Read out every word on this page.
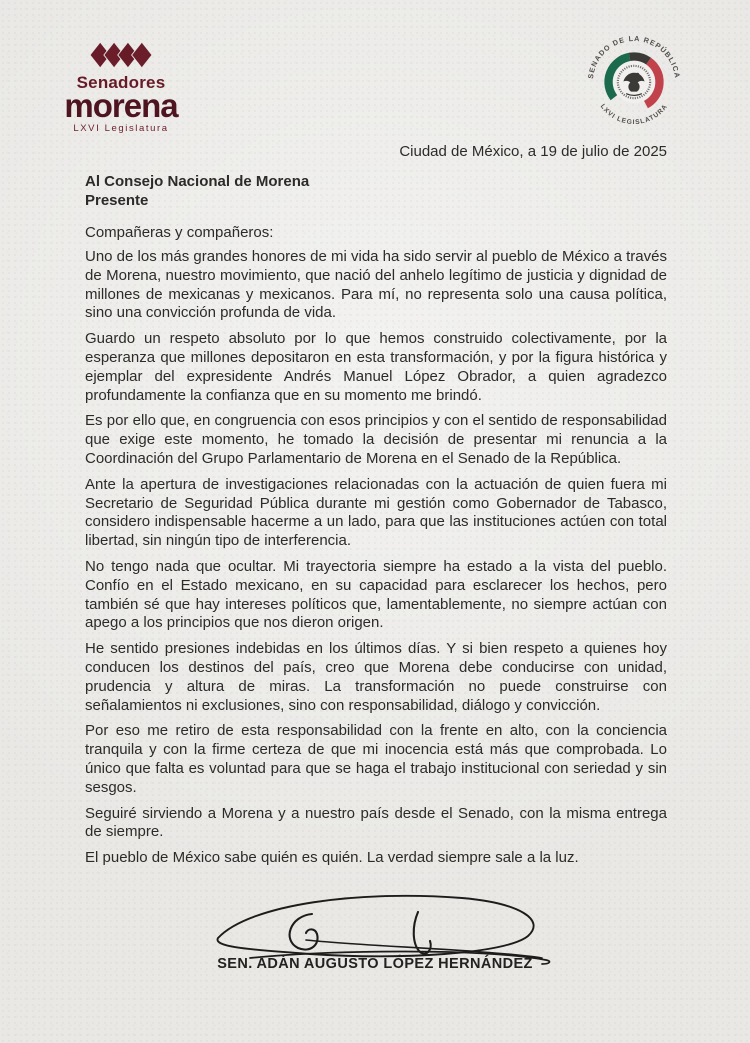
Senadores
morena
LXVI Legislatura
SENADO DE LA REPÚBLICA
LXVI LEGISLATURA
Ciudad de México, a 19 de julio de 2025
Al Consejo Nacional de Morena
Presente
Compañeras y compañeros:

Uno de los más grandes honores de mi vida ha sido servir al pueblo de México a través de Morena, nuestro movimiento, que nació del anhelo legítimo de justicia y dignidad de millones de mexicanas y mexicanos. Para mí, no representa solo una causa política, sino una convicción profunda de vida.

Guardo un respeto absoluto por lo que hemos construido colectivamente, por la esperanza que millones depositaron en esta transformación, y por la figura histórica y ejemplar del expresidente Andrés Manuel López Obrador, a quien agradezco profundamente la confianza que en su momento me brindó.

Es por ello que, en congruencia con esos principios y con el sentido de responsabilidad que exige este momento, he tomado la decisión de presentar mi renuncia a la Coordinación del Grupo Parlamentario de Morena en el Senado de la República.

Ante la apertura de investigaciones relacionadas con la actuación de quien fuera mi Secretario de Seguridad Pública durante mi gestión como Gobernador de Tabasco, considero indispensable hacerme a un lado, para que las instituciones actúen con total libertad, sin ningún tipo de interferencia.

No tengo nada que ocultar. Mi trayectoria siempre ha estado a la vista del pueblo. Confío en el Estado mexicano, en su capacidad para esclarecer los hechos, pero también sé que hay intereses políticos que, lamentablemente, no siempre actúan con apego a los principios que nos dieron origen.

He sentido presiones indebidas en los últimos días. Y si bien respeto a quienes hoy conducen los destinos del país, creo que Morena debe conducirse con unidad, prudencia y altura de miras. La transformación no puede construirse con señalamientos ni exclusiones, sino con responsabilidad, diálogo y convicción.

Por eso me retiro de esta responsabilidad con la frente en alto, con la conciencia tranquila y con la firme certeza de que mi inocencia está más que comprobada. Lo único que falta es voluntad para que se haga el trabajo institucional con seriedad y sin sesgos.

Seguiré sirviendo a Morena y a nuestro país desde el Senado, con la misma entrega de siempre.

El pueblo de México sabe quién es quién. La verdad siempre sale a la luz.

SEN. ADÁN AUGUSTO LÓPEZ HERNÁNDEZ
